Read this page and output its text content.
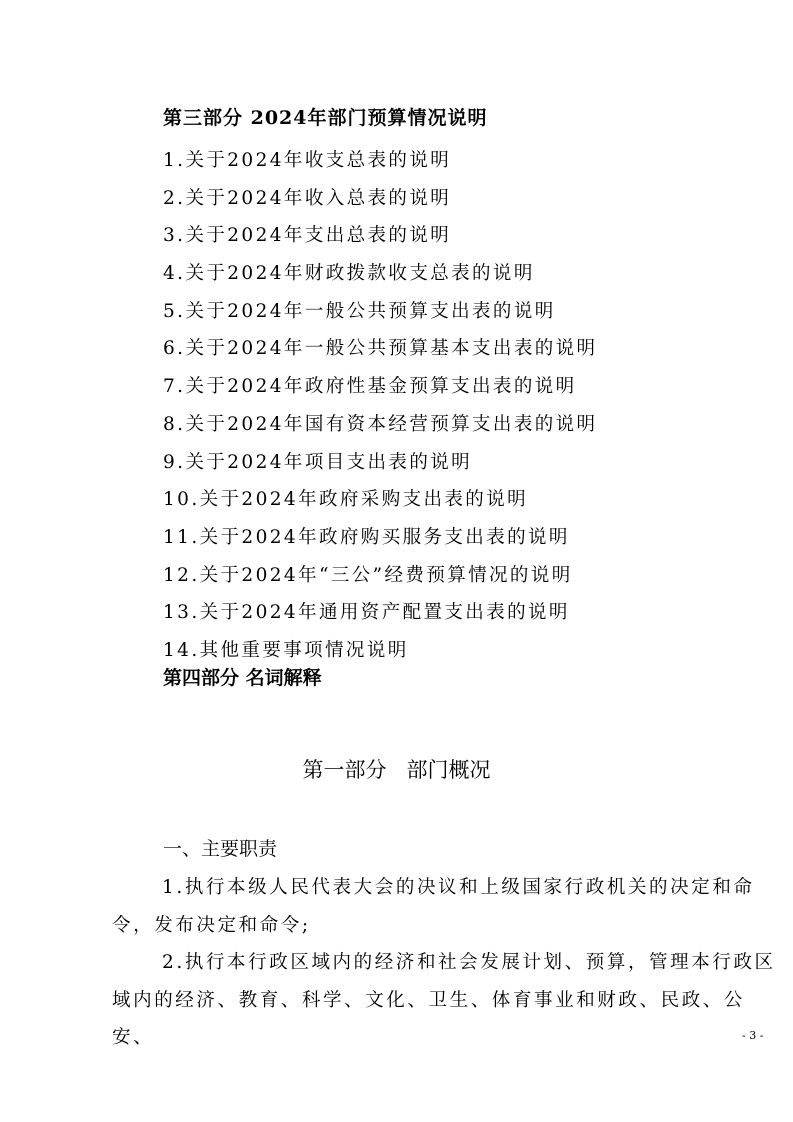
第三部分 2024年部门预算情况说明
1.关于2024年收支总表的说明
2.关于2024年收入总表的说明
3.关于2024年支出总表的说明
4.关于2024年财政拨款收支总表的说明
5.关于2024年一般公共预算支出表的说明
6.关于2024年一般公共预算基本支出表的说明
7.关于2024年政府性基金预算支出表的说明
8.关于2024年国有资本经营预算支出表的说明
9.关于2024年项目支出表的说明
10.关于2024年政府采购支出表的说明
11.关于2024年政府购买服务支出表的说明
12.关于2024年“三公”经费预算情况的说明
13.关于2024年通用资产配置支出表的说明
14.其他重要事项情况说明
第四部分 名词解释
第一部分   部门概况
一、主要职责

1.执行本级人民代表大会的决议和上级国家行政机关的决定和命令，发布决定和命令;

2.执行本行政区域内的经济和社会发展计划、预算，管理本行政区域内的经济、教育、科学、文化、卫生、体育事业和财政、民政、公安、	- 3 -
